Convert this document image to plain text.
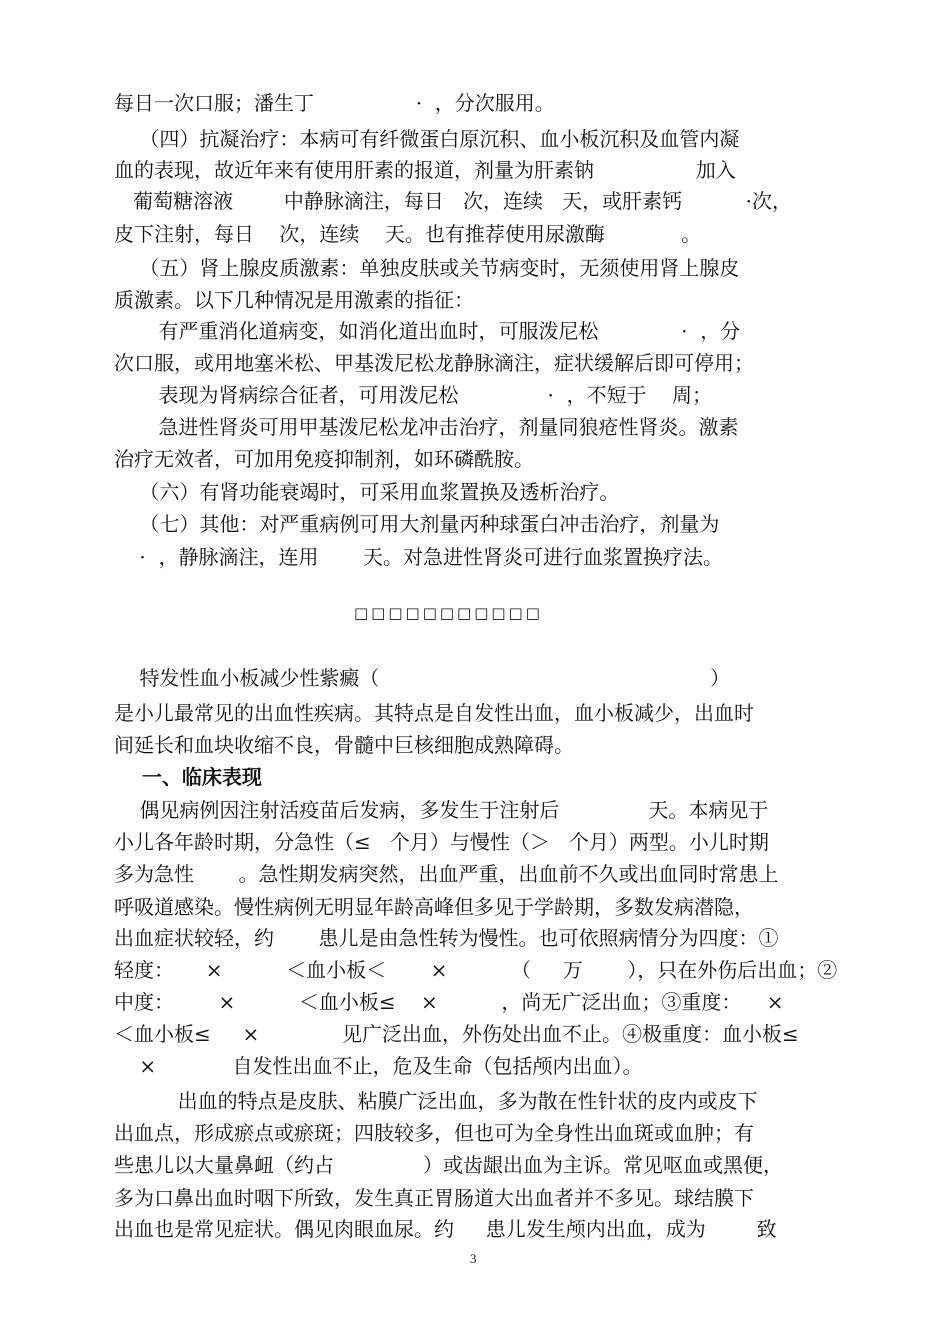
每日一次口服；潘生丁                ·  ，分次服用。

（四）抗凝治疗：本病可有纤微蛋白原沉积、血小板沉积及血管内凝

血的表现，故近年来有使用肝素的报道，剂量为肝素钠                加入

葡萄糖溶液        中静脉滴注，每日   次，连续   天，或肝素钙          ·次，

皮下注射，每日    次，连续    天。也有推荐使用尿激酶            。

（五）肾上腺皮质激素：单独皮肤或关节病变时，无须使用肾上腺皮

质激素。以下几种情况是用激素的指征：

有严重消化道病变，如消化道出血时，可服泼尼松             ·  ，分

次口服，或用地塞米松、甲基泼尼松龙静脉滴注，症状缓解后即可停用；

表现为肾病综合征者，可用泼尼松              ·  ，不短于    周；

急进性肾炎可用甲基泼尼松龙冲击治疗，剂量同狼疮性肾炎。激素

治疗无效者，可加用免疫抑制剂，如环磷酰胺。

（六）有肾功能衰竭时，可采用血浆置换及透析治疗。

（七）其他：对严重病例可用大剂量丙种球蛋白冲击治疗，剂量为

·  ，静脉滴注，连用       天。对急进性肾炎可进行血浆置换疗法。

□□□□□□□□□□□

特发性血小板减少性紫癜（                                                    ）

是小儿最常见的出血性疾病。其特点是自发性出血，血小板减少，出血时

间延长和血块收缩不良，骨髓中巨核细胞成熟障碍。

一、临床表现

偶见病例因注射活疫苗后发病，多发生于注射后              天。本病见于

小儿各年龄时期，分急性（≤   个月）与慢性（＞   个月）两型。小儿时期

多为急性       。急性期发病突然，出血严重，出血前不久或出血同时常患上

呼吸道感染。慢性病例无明显年龄高峰但多见于学龄期，多数发病潜隐，

出血症状较轻，约       患儿是由急性转为慢性。也可依照病情分为四度：①

轻度：     ×          ＜血小板＜       ×          （     万       ），只在外伤后出血；②

中度：       ×          ＜血小板≤    ×          ，尚无广泛出血；③重度：    ×

＜血小板≤     ×             见广泛出血，外伤处出血不止。④极重度：血小板≤

×            自发性出血不止，危及生命（包括颅内出血）。

出血的特点是皮肤、粘膜广泛出血，多为散在性针状的皮内或皮下

出血点，形成瘀点或瘀斑；四肢较多，但也可为全身性出血斑或血肿；有

些患儿以大量鼻衄（约占              ）或齿龈出血为主诉。常见呕血或黑便，

多为口鼻出血时咽下所致，发生真正胃肠道大出血者并不多见。球结膜下

出血也是常见症状。偶见肉眼血尿。约     患儿发生颅内出血，成为        致

3
